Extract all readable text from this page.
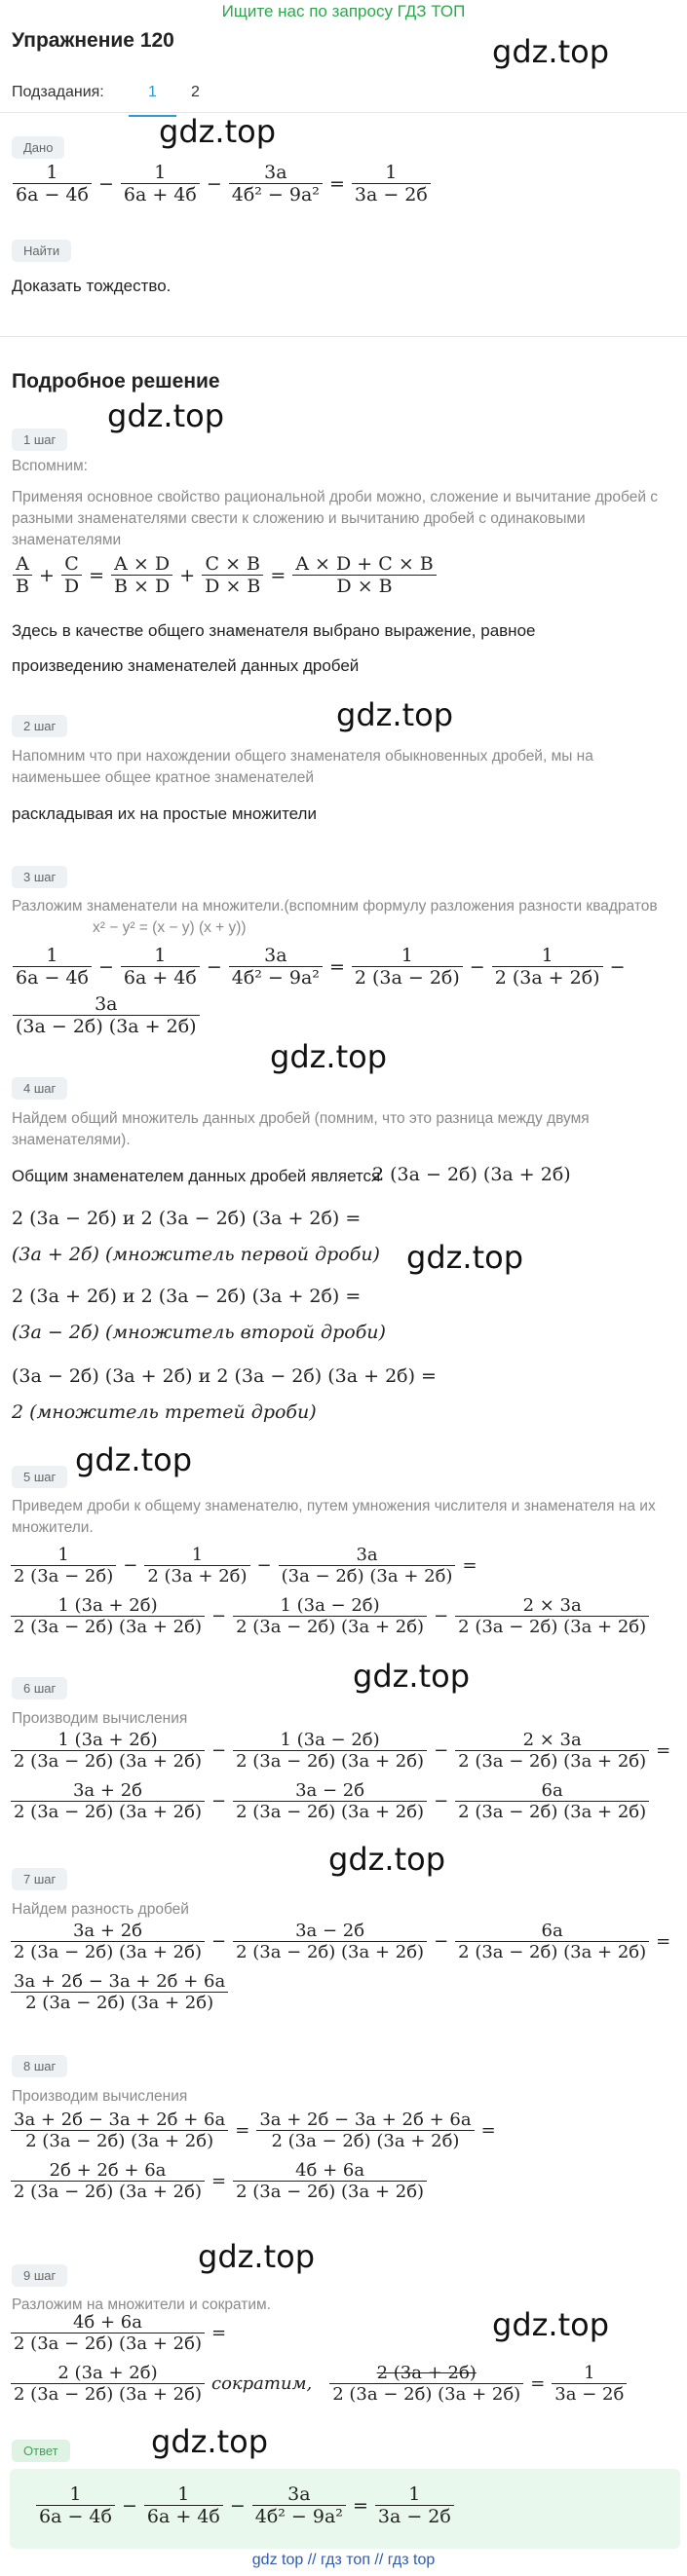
Ищите нас по запросу ГДЗ ТОП
Упражнение 120	gdz.top
Подзадания:	1	2
gdz.top
Дано
1
6a − 4б
−
1
6a + 4б
−
3a
4б² − 9a²
=
1
3a − 2б
Найти
Доказать тождество.
Подробное решение
gdz.top
1 шаг
Вспомним:
Применяя основное свойство рациональной дроби можно, сложение и вычитание дробей с разными знаменателями свести к сложению и вычитанию дробей с одинаковыми знаменателями
$\frac{A}{B} + \frac{C}{D} = \frac{A \times D}{B \times D} + \frac{C \times B}{D \times B} = \frac{A \times D + C \times B}{D \times B}$
Здесь в качестве общего знаменателя выбрано выражение, равное
произведению знаменателей данных дробей
gdz.top
2 шаг
Напомним что при нахождении общего знаменателя обыкновенных дробей, мы на наименьшее общее кратное знаменателей
раскладывая их на простые множители
3 шаг
Разложим знаменатели на множители.(вспомним формулу разложения разности квадратов
x² − y² = (x − y) (x + y))
1
6a − 4б
−
1
6a + 4б
−
3a
4б² − 9a²
=
1
2 (3a − 2б)
−
1
2 (3a + 2б)
−
3a
(3a − 2б) (3a + 2б)
gdz.top
4 шаг
Найдем общий множитель данных дробей (помним, что это разница между двумя знаменателями).
Общим знаменателем данных дробей является
2 (3a − 2б) (3a + 2б)
2 (3a − 2б) и 2 (3a − 2б) (3a + 2б) =
(3a + 2б) (множитель первой дроби) gdz.top
2 (3a + 2б) и 2 (3a − 2б) (3a + 2б) =
(3a − 2б) (множитель второй дроби)
(3a − 2б) (3a + 2б) и 2 (3a − 2б) (3a + 2б) =
2 (множитель третей дроби)
gdz.top
5 шаг
Приведем дроби к общему знаменателю, путем умножения числителя и знаменателя на их множители.
1
2 (3a − 2б)
−
1
2 (3a + 2б)
−
3a
(3a − 2б) (3a + 2б)
=
1 (3a + 2б)
2 (3a − 2б) (3a + 2б)
−
1 (3a − 2б)
2 (3a − 2б) (3a + 2б)
−
2 × 3a
2 (3a − 2б) (3a + 2б)
gdz.top
6 шаг
Производим вычисления
1 (3a + 2б)
2 (3a − 2б) (3a + 2б)
−
1 (3a − 2б)
2 (3a − 2б) (3a + 2б)
−
2 × 3a
2 (3a − 2б) (3a + 2б)
=
3a + 2б
2 (3a − 2б) (3a + 2б)
−
3a − 2б
2 (3a − 2б) (3a + 2б)
−
6a
2 (3a − 2б) (3a + 2б)
gdz.top
7 шаг
Найдем разность дробей
3a + 2б
2 (3a − 2б) (3a + 2б)
−
3a − 2б
2 (3a − 2б) (3a + 2б)
−
6a
2 (3a − 2б) (3a + 2б)
=
3a + 2б − 3a + 2б + 6a
2 (3a − 2б) (3a + 2б)
8 шаг
Производим вычисления
3a + 2б − 3a + 2б + 6a
2 (3a − 2б) (3a + 2б)
=
3a + 2б − 3a + 2б + 6a
2 (3a − 2б) (3a + 2б)
=
2б + 2б + 6a
2 (3a − 2б) (3a + 2б)
=
4б + 6a
2 (3a − 2б) (3a + 2б)
gdz.top
9 шаг
Разложим на множители и сократим.
gdz.top
4б + 6a
2 (3a − 2б) (3a + 2б)
=
2 (3a + 2б)
2 (3a − 2б) (3a + 2б)
сократим,
2 (3a + 2б)
2 (3a − 2б) (3a + 2б)
=
1
3a − 2б
gdz.top
Ответ
1
6a − 4б
−
1
6a + 4б
−
3a
4б² − 9a²
=
1
3a − 2б
gdz top // гдз топ // гдз top
